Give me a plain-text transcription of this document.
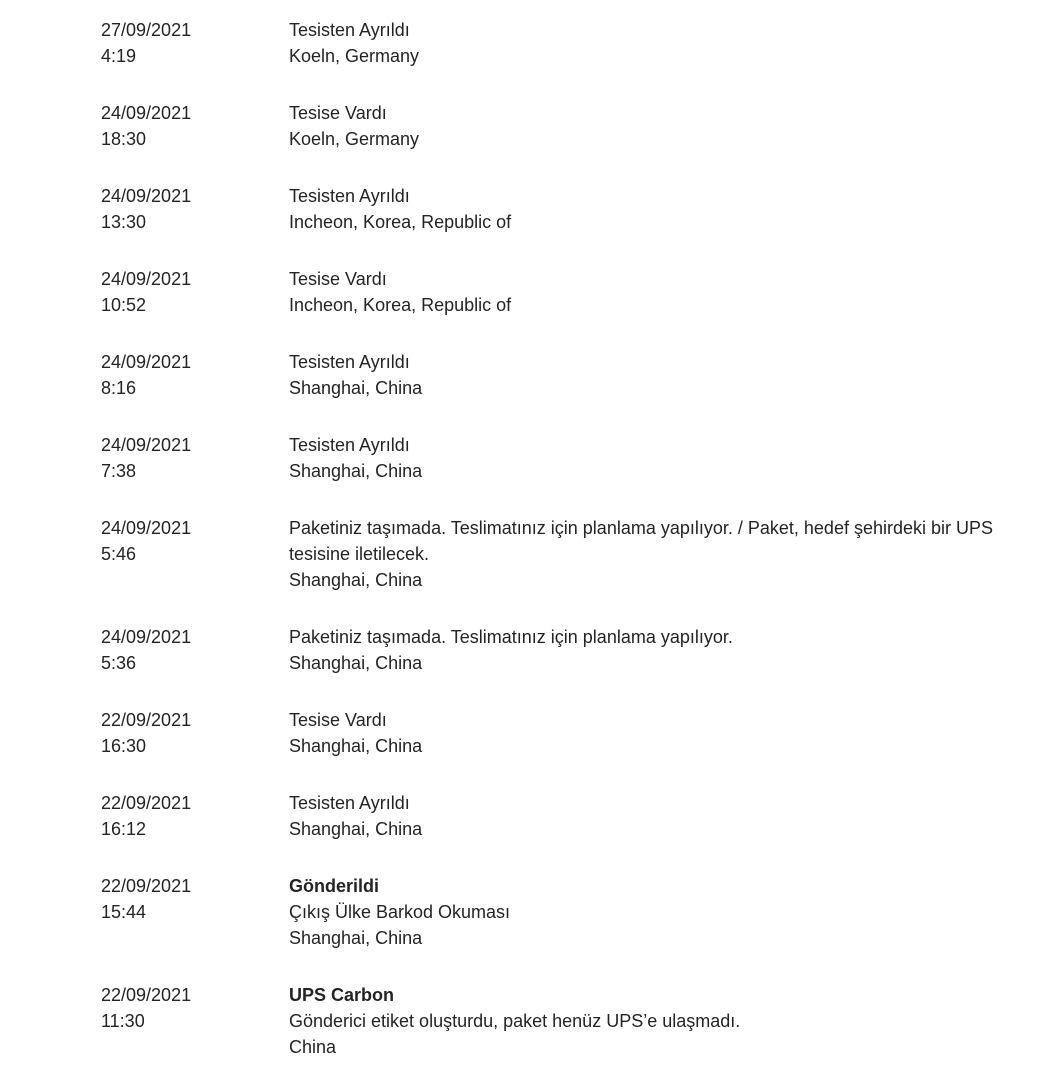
27/09/2021
4:19
Tesisten Ayrıldı
Koeln, Germany
24/09/2021
18:30
Tesise Vardı
Koeln, Germany
24/09/2021
13:30
Tesisten Ayrıldı
Incheon, Korea, Republic of
24/09/2021
10:52
Tesise Vardı
Incheon, Korea, Republic of
24/09/2021
8:16
Tesisten Ayrıldı
Shanghai, China
24/09/2021
7:38
Tesisten Ayrıldı
Shanghai, China
24/09/2021
5:46
Paketiniz taşımada. Teslimatınız için planlama yapılıyor. / Paket, hedef şehirdeki bir UPS tesisine iletilecek.
Shanghai, China
24/09/2021
5:36
Paketiniz taşımada. Teslimatınız için planlama yapılıyor.
Shanghai, China
22/09/2021
16:30
Tesise Vardı
Shanghai, China
22/09/2021
16:12
Tesisten Ayrıldı
Shanghai, China
22/09/2021
15:44
Gönderildi
Çıkış Ülke Barkod Okuması
Shanghai, China
22/09/2021
11:30
UPS Carbon
Gönderici etiket oluşturdu, paket henüz UPS’e ulaşmadı.
China
